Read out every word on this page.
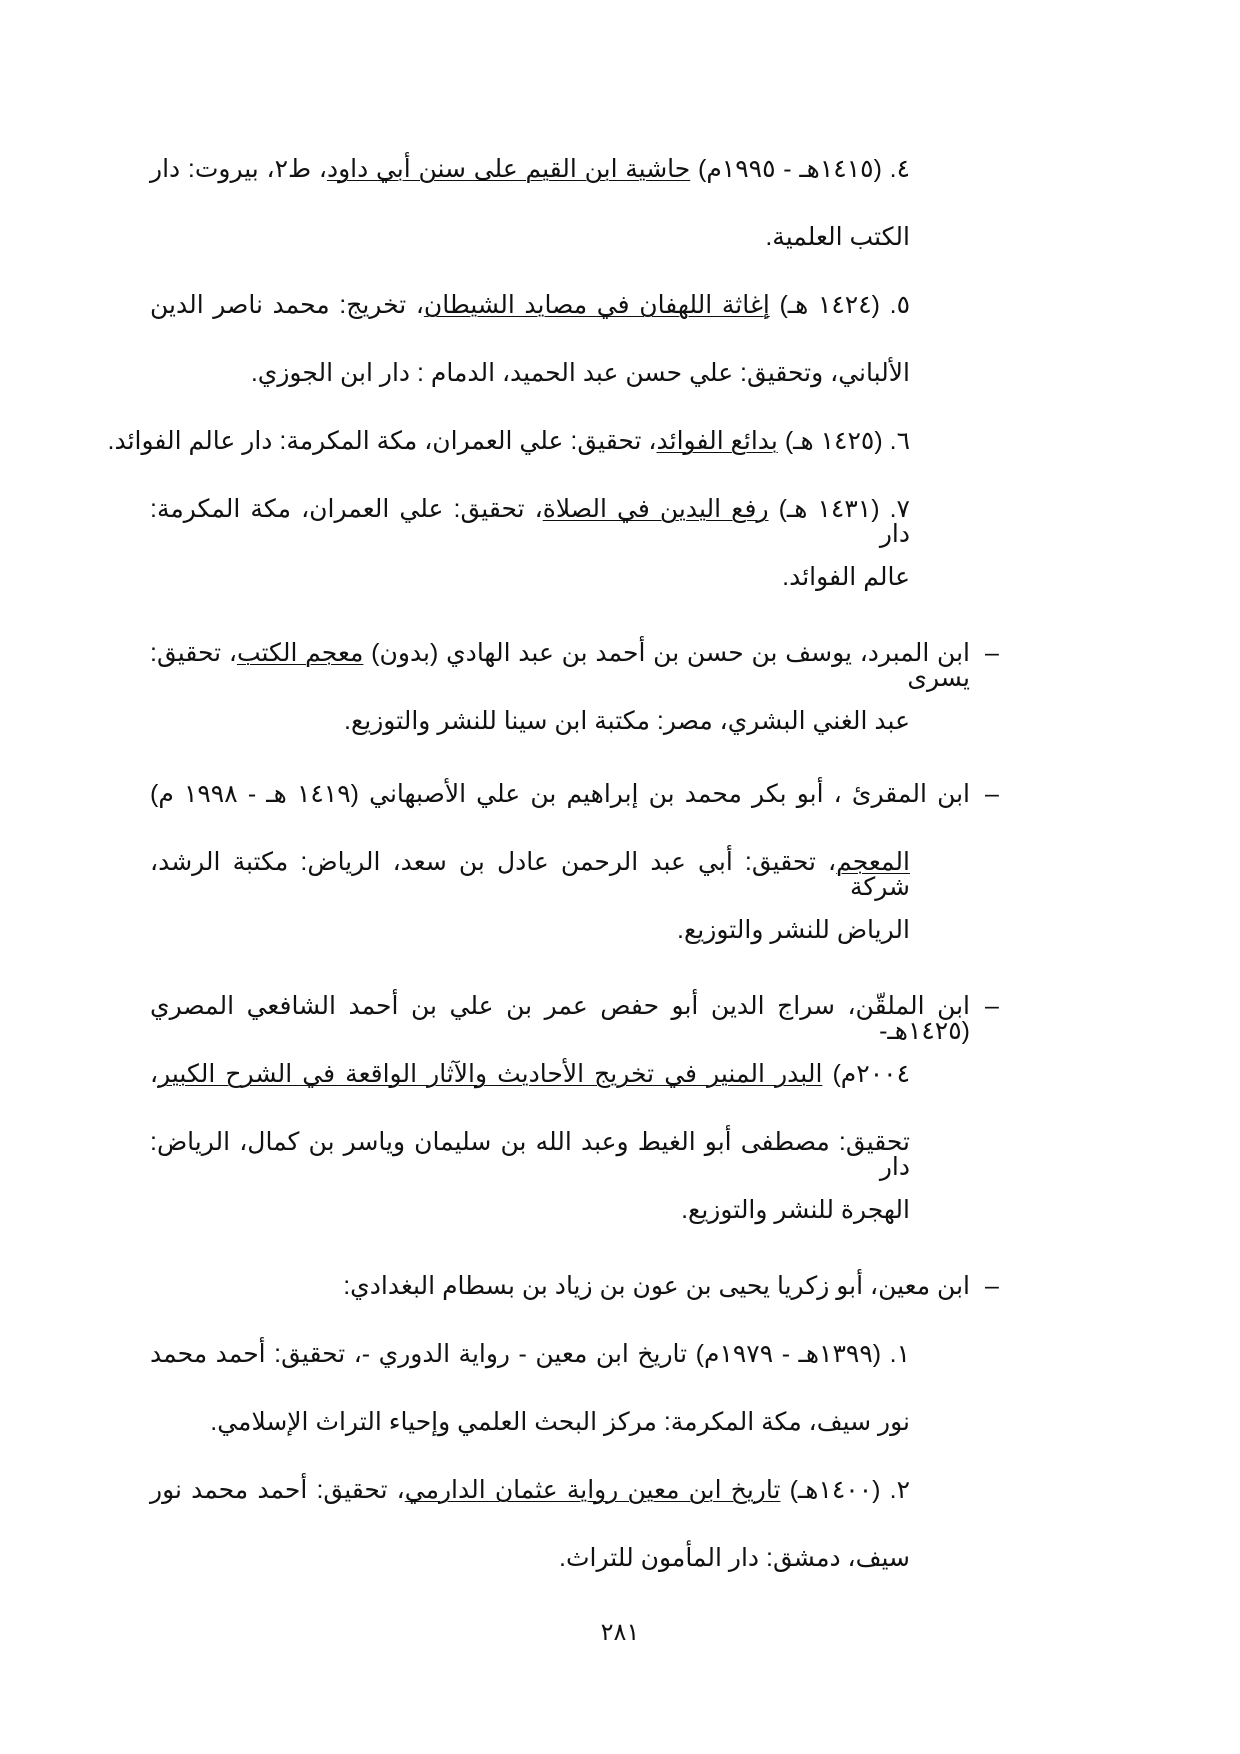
٤. (١٤١٥هـ - ١٩٩٥م) حاشية ابن القيم على سنن أبي داود، ط٢، بيروت: دار
الكتب العلمية.
٥. (١٤٢٤ هـ) إغاثة اللهفان في مصايد الشيطان، تخريج: محمد ناصر الدين
الألباني، وتحقيق: علي حسن عبد الحميد، الدمام : دار ابن الجوزي.
٦. (١٤٢٥ هـ) بدائع الفوائد، تحقيق: علي العمران، مكة المكرمة: دار عالم الفوائد.
٧. (١٤٣١ هـ) رفع اليدين في الصلاة، تحقيق: علي العمران، مكة المكرمة: دار
عالم الفوائد.
–
ابن المبرد، يوسف بن حسن بن أحمد بن عبد الهادي (بدون) معجم الكتب، تحقيق: يسرى
عبد الغني البشري، مصر: مكتبة ابن سينا للنشر والتوزيع.
–
ابن المقرئ ، أبو بكر محمد بن إبراهيم بن علي الأصبهاني (١٤١٩ هـ - ١٩٩٨ م)
المعجم، تحقيق: أبي عبد الرحمن عادل بن سعد، الرياض: مكتبة الرشد، شركة
الرياض للنشر والتوزيع.
–
ابن الملقّن، سراج الدين أبو حفص عمر بن علي بن أحمد الشافعي المصري (١٤٢٥هـ-
٢٠٠٤م) البدر المنير في تخريج الأحاديث والآثار الواقعة في الشرح الكبير،
تحقيق: مصطفى أبو الغيط وعبد الله بن سليمان وياسر بن كمال، الرياض: دار
الهجرة للنشر والتوزيع.
–
ابن معين، أبو زكريا يحيى بن عون بن زياد بن بسطام البغدادي:
١. (١٣٩٩هـ - ١٩٧٩م) تاريخ ابن معين - رواية الدوري -، تحقيق: أحمد محمد
نور سيف، مكة المكرمة: مركز البحث العلمي وإحياء التراث الإسلامي.
٢. (١٤٠٠هـ) تاريخ ابن معين رواية عثمان الدارمي، تحقيق: أحمد محمد نور
سيف، دمشق: دار المأمون للتراث.
٢٨١
